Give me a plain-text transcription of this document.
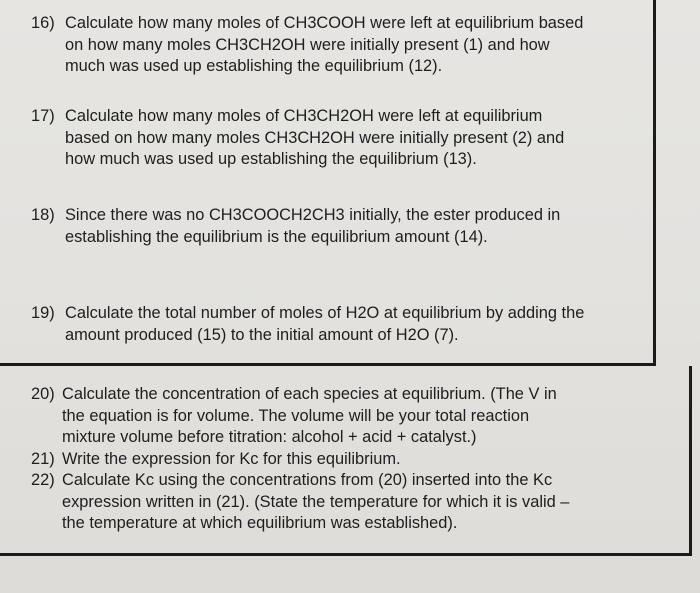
16) Calculate how many moles of CH3COOH were left at equilibrium based
on how many moles CH3CH2OH were initially present (1) and how
much was used up establishing the equilibrium (12).
17) Calculate how many moles of CH3CH2OH were left at equilibrium
based on how many moles CH3CH2OH were initially present (2) and
how much was used up establishing the equilibrium (13).
18) Since there was no CH3COOCH2CH3 initially, the ester produced in
establishing the equilibrium is the equilibrium amount (14).
19) Calculate the total number of moles of H2O at equilibrium by adding the
amount produced (15) to the initial amount of H2O (7).
20) Calculate the concentration of each species at equilibrium. (The V in
the equation is for volume. The volume will be your total reaction
mixture volume before titration: alcohol + acid + catalyst.)
21) Write the expression for Kc for this equilibrium.
22) Calculate Kc using the concentrations from (20) inserted into the Kc
expression written in (21). (State the temperature for which it is valid –
the temperature at which equilibrium was established).
